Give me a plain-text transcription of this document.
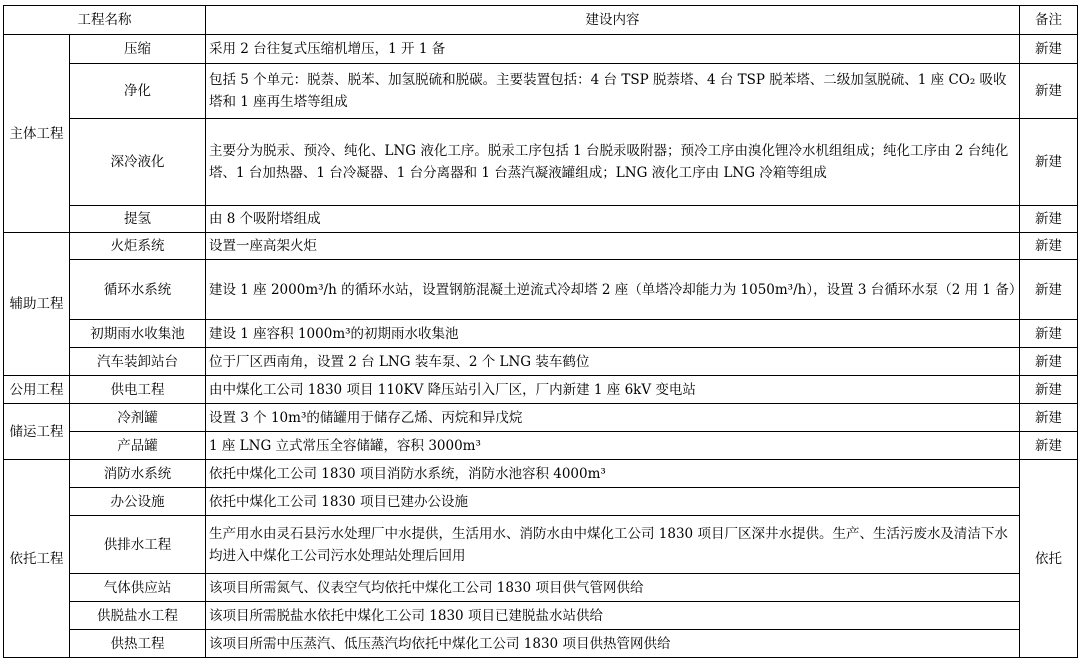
工程名称		建设内容	备注
主体工程	压缩	采用 2 台往复式压缩机增压，1 开 1 备	新建
	净化	包括 5 个单元：脱萘、脱苯、加氢脱硫和脱碳。主要装置包括：4 台 TSP 脱萘塔、4 台 TSP 脱苯塔、二级加氢脱硫、1 座 CO₂ 吸收塔和 1 座再生塔等组成	新建
	深冷液化	主要分为脱汞、预冷、纯化、LNG 液化工序。脱汞工序包括 1 台脱汞吸附器；预冷工序由溴化锂冷水机组组成；纯化工序由 2 台纯化塔、1 台加热器、1 台冷凝器、1 台分离器和 1 台蒸汽凝液罐组成；LNG 液化工序由 LNG 冷箱等组成	新建
	提氢	由 8 个吸附塔组成	新建
辅助工程	火炬系统	设置一座高架火炬	新建
	循环水系统	建设 1 座 2000m³/h 的循环水站，设置钢筋混凝土逆流式冷却塔 2 座（单塔冷却能力为 1050m³/h），设置 3 台循环水泵（2 用 1 备）	新建
	初期雨水收集池	建设 1 座容积 1000m³的初期雨水收集池	新建
	汽车装卸站台	位于厂区西南角，设置 2 台 LNG 装车泵、2 个 LNG 装车鹤位	新建
公用工程	供电工程	由中煤化工公司 1830 项目 110KV 降压站引入厂区，厂内新建 1 座 6kV 变电站	新建
储运工程	冷剂罐	设置 3 个 10m³的储罐用于储存乙烯、丙烷和异戊烷	新建
	产品罐	1 座 LNG 立式常压全容储罐，容积 3000m³	新建
依托工程	消防水系统	依托中煤化工公司 1830 项目消防水系统，消防水池容积 4000m³	依托
	办公设施	依托中煤化工公司 1830 项目已建办公设施	
	供排水工程	生产用水由灵石县污水处理厂中水提供，生活用水、消防水由中煤化工公司 1830 项目厂区深井水提供。生产、生活污废水及清洁下水均进入中煤化工公司污水处理站处理后回用	
	气体供应站	该项目所需氮气、仪表空气均依托中煤化工公司 1830 项目供气管网供给	
	供脱盐水工程	该项目所需脱盐水依托中煤化工公司 1830 项目已建脱盐水站供给	
	供热工程	该项目所需中压蒸汽、低压蒸汽均依托中煤化工公司 1830 项目供热管网供给	
